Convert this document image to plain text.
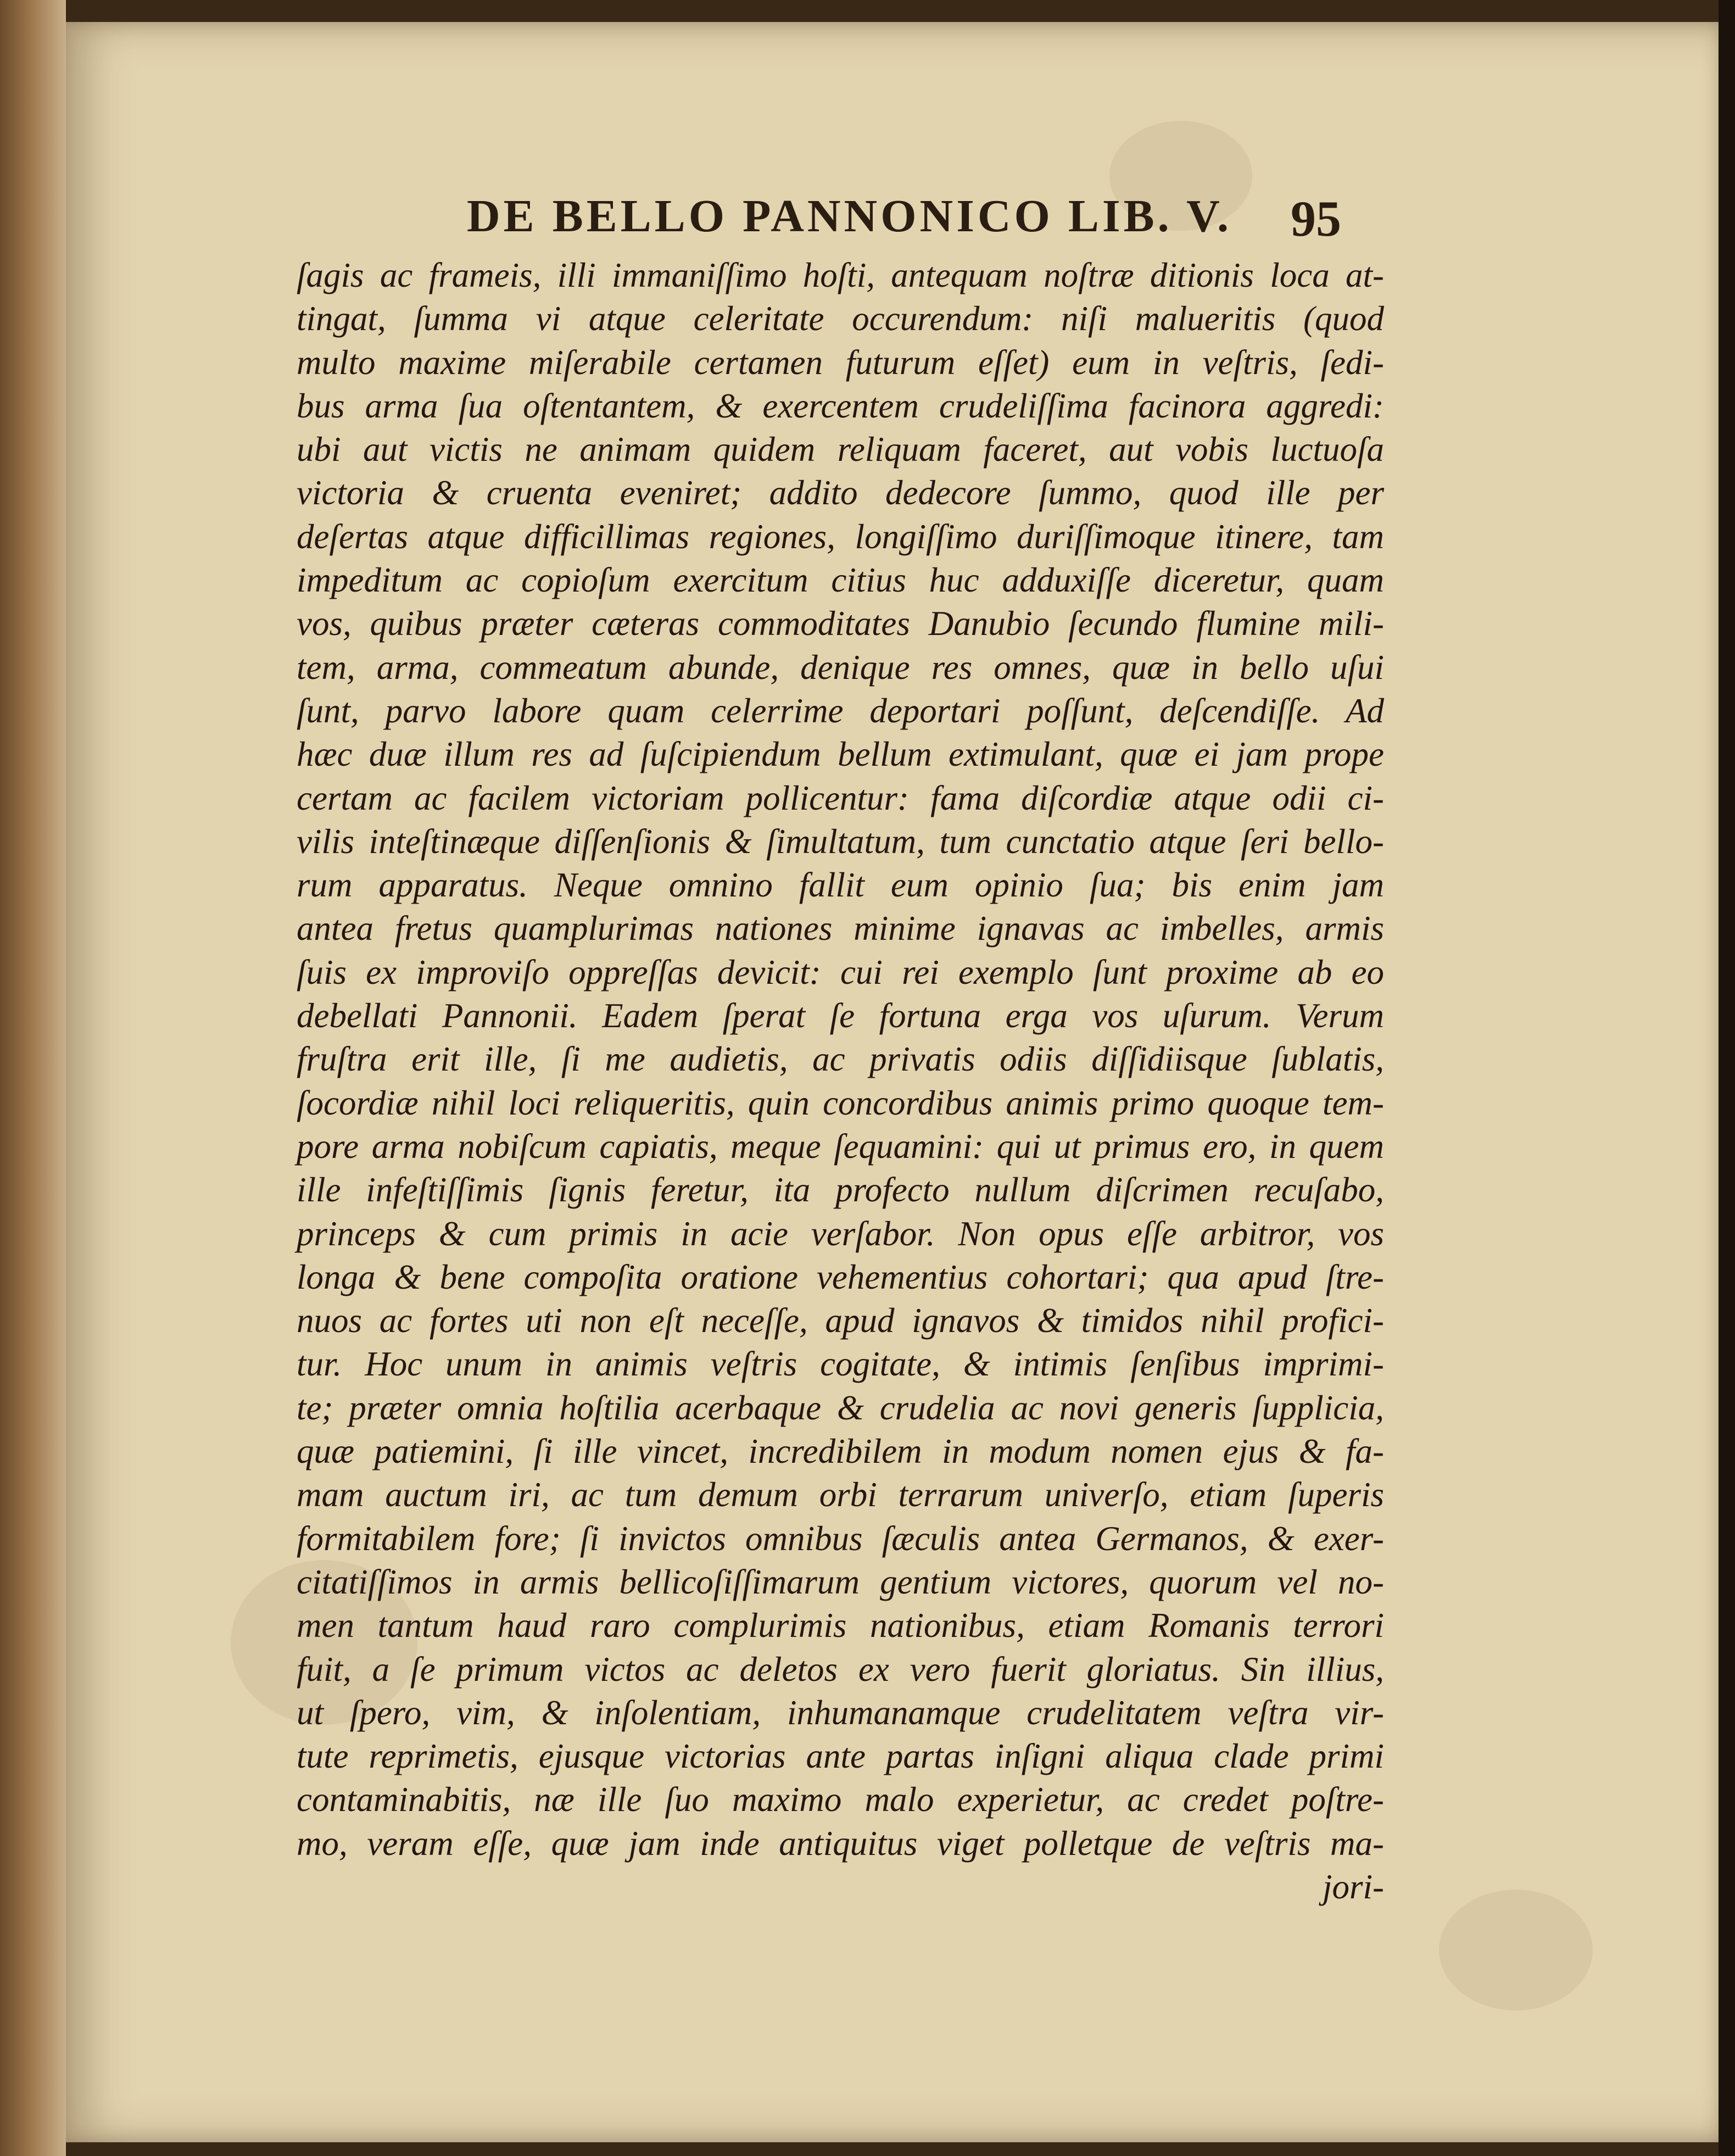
DE BELLO PANNONICO LIB. V. 95
ſagis ac frameis, illi immaniſſimo hoſti, antequam noſtræ ditionis loca at-
tingat, ſumma vi atque celeritate occurendum: niſi malueritis (quod
multo maxime miſerabile certamen futurum eſſet) eum in veſtris, ſedi-
bus arma ſua oſtentantem, & exercentem crudeliſſima facinora aggredi:
ubi aut victis ne animam quidem reliquam faceret, aut vobis luctuoſa
victoria & cruenta eveniret; addito dedecore ſummo, quod ille per
deſertas atque difficillimas regiones, longiſſimo duriſſimoque itinere, tam
impeditum ac copioſum exercitum citius huc adduxiſſe diceretur, quam
vos, quibus præter cæteras commoditates Danubio ſecundo flumine mili-
tem, arma, commeatum abunde, denique res omnes, quæ in bello uſui
ſunt, parvo labore quam celerrime deportari poſſunt, deſcendiſſe. Ad
hæc duæ illum res ad ſuſcipiendum bellum extimulant, quæ ei jam prope
certam ac facilem victoriam pollicentur: fama diſcordiæ atque odii ci-
vilis inteſtinæque diſſenſionis & ſimultatum, tum cunctatio atque ſeri bello-
rum apparatus. Neque omnino fallit eum opinio ſua; bis enim jam
antea fretus quamplurimas nationes minime ignavas ac imbelles, armis
ſuis ex improviſo oppreſſas devicit: cui rei exemplo ſunt proxime ab eo
debellati Pannonii. Eadem ſperat ſe fortuna erga vos uſurum. Verum
fruſtra erit ille, ſi me audietis, ac privatis odiis diſſidiisque ſublatis,
ſocordiæ nihil loci reliqueritis, quin concordibus animis primo quoque tem-
pore arma nobiſcum capiatis, meque ſequamini: qui ut primus ero, in quem
ille infeſtiſſimis ſignis feretur, ita profecto nullum diſcrimen recuſabo,
princeps & cum primis in acie verſabor. Non opus eſſe arbitror, vos
longa & bene compoſita oratione vehementius cohortari; qua apud ſtre-
nuos ac fortes uti non eſt neceſſe, apud ignavos & timidos nihil profici-
tur. Hoc unum in animis veſtris cogitate, & intimis ſenſibus imprimi-
te; præter omnia hoſtilia acerbaque & crudelia ac novi generis ſupplicia,
quæ patiemini, ſi ille vincet, incredibilem in modum nomen ejus & fa-
mam auctum iri, ac tum demum orbi terrarum univerſo, etiam ſuperis
formitabilem fore; ſi invictos omnibus ſæculis antea Germanos, & exer-
citatiſſimos in armis bellicoſiſſimarum gentium victores, quorum vel no-
men tantum haud raro complurimis nationibus, etiam Romanis terrori
fuit, a ſe primum victos ac deletos ex vero fuerit gloriatus. Sin illius,
ut ſpero, vim, & inſolentiam, inhumanamque crudelitatem veſtra vir-
tute reprimetis, ejusque victorias ante partas inſigni aliqua clade primi
contaminabitis, næ ille ſuo maximo malo experietur, ac credet poſtre-
mo, veram eſſe, quæ jam inde antiquitus viget polletque de veſtris ma-
jori-
